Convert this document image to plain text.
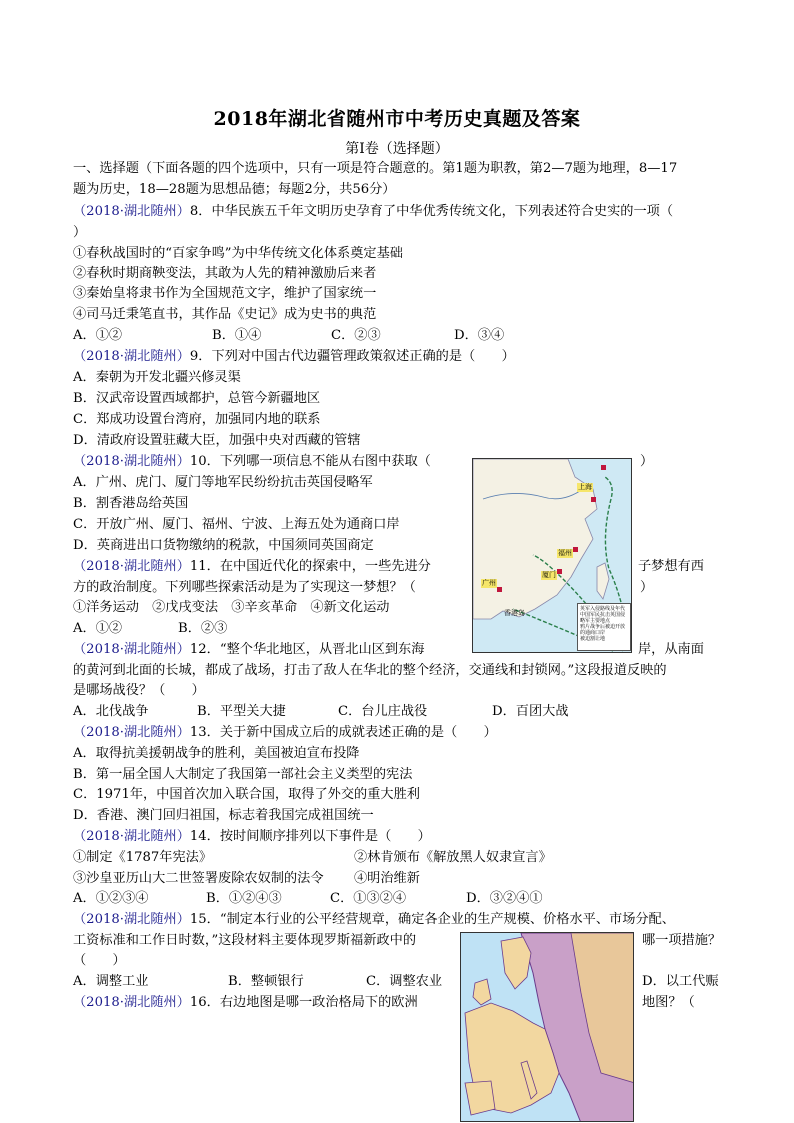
2018年湖北省随州市中考历史真题及答案
第Ⅰ卷（选择题）
一、选择题（下面各题的四个选项中，只有一项是符合题意的。第1题为职教，第2—7题为地理，8—17
题为历史，18—28题为思想品德；每题2分，共56分）
（2018·湖北随州）8．中华民族五千年文明历史孕育了中华优秀传统文化，下列表述符合史实的一项（
）
①春秋战国时的“百家争鸣”为中华传统文化体系奠定基础
②春秋时期商鞅变法，其敢为人先的精神激励后来者
③秦始皇将隶书作为全国规范文字，维护了国家统一
④司马迁秉笔直书，其作品《史记》成为史书的典范
A．①②	B．①④	C．②③	D．③④
（2018·湖北随州）9．下列对中国古代边疆管理政策叙述正确的是（　　）
A．秦朝为开发北疆兴修灵渠
B．汉武帝设置西域都护，总管今新疆地区
C．郑成功设置台湾府，加强同内地的联系
D．清政府设置驻藏大臣，加强中央对西藏的管辖
（2018·湖北随州）10．下列哪一项信息不能从右图中获取（	）
A．广州、虎门、厦门等地军民纷纷抗击英国侵略军
B．割香港岛给英国
C．开放广州、厦门、福州、宁波、上海五处为通商口岸
D．英商进出口货物缴纳的税款，中国须同英国商定
（2018·湖北随州）11．在中国近代化的探索中，一些先进分	子梦想有西
方的政治制度。下列哪些探索活动是为了实现这一梦想？（	）
①洋务运动　②戊戌变法　③辛亥革命　④新文化运动
A．①②	B．②③
（2018·湖北随州）12．“整个华北地区，从晋北山区到东海	岸，从南面
的黄河到北面的长城，都成了战场，打击了敌人在华北的整个经济，交通线和封锁网。”这段报道反映的
是哪场战役？（　　）
A．北伐战争	B．平型关大捷	C．台儿庄战役	D．百团大战
（2018·湖北随州）13．关于新中国成立后的成就表述正确的是（　　）
A．取得抗美援朝战争的胜利，美国被迫宣布投降
B．第一届全国人大制定了我国第一部社会主义类型的宪法
C．1971年，中国首次加入联合国，取得了外交的重大胜利
D．香港、澳门回归祖国，标志着我国完成祖国统一
（2018·湖北随州）14．按时间顺序排列以下事件是（　　）
①制定《1787年宪法》	②林肯颁布《解放黑人奴隶宣言》
③沙皇亚历山大二世签署废除农奴制的法令 ④明治维新
A．①②③④	B．①②④③	C．①③②④	D．③②④①
（2018·湖北随州）15．“制定本行业的公平经营规章，确定各企业的生产规模、价格水平、市场分配、
工资标准和工作日时数，”这段材料主要体现罗斯福新政中的	哪一项措施？
（　　）
A．调整工业	B．整顿银行	C．调整农业	D．以工代赈
（2018·湖北随州）16．右边地图是哪一政治格局下的欧洲	地图？（
上海
福州
厦门
广州
香港岛	英军入侵路线及年代
中国军民抗击英国侵略军主要地点
鸦片战争后被迫开放的通商口岸
被迫割让地
